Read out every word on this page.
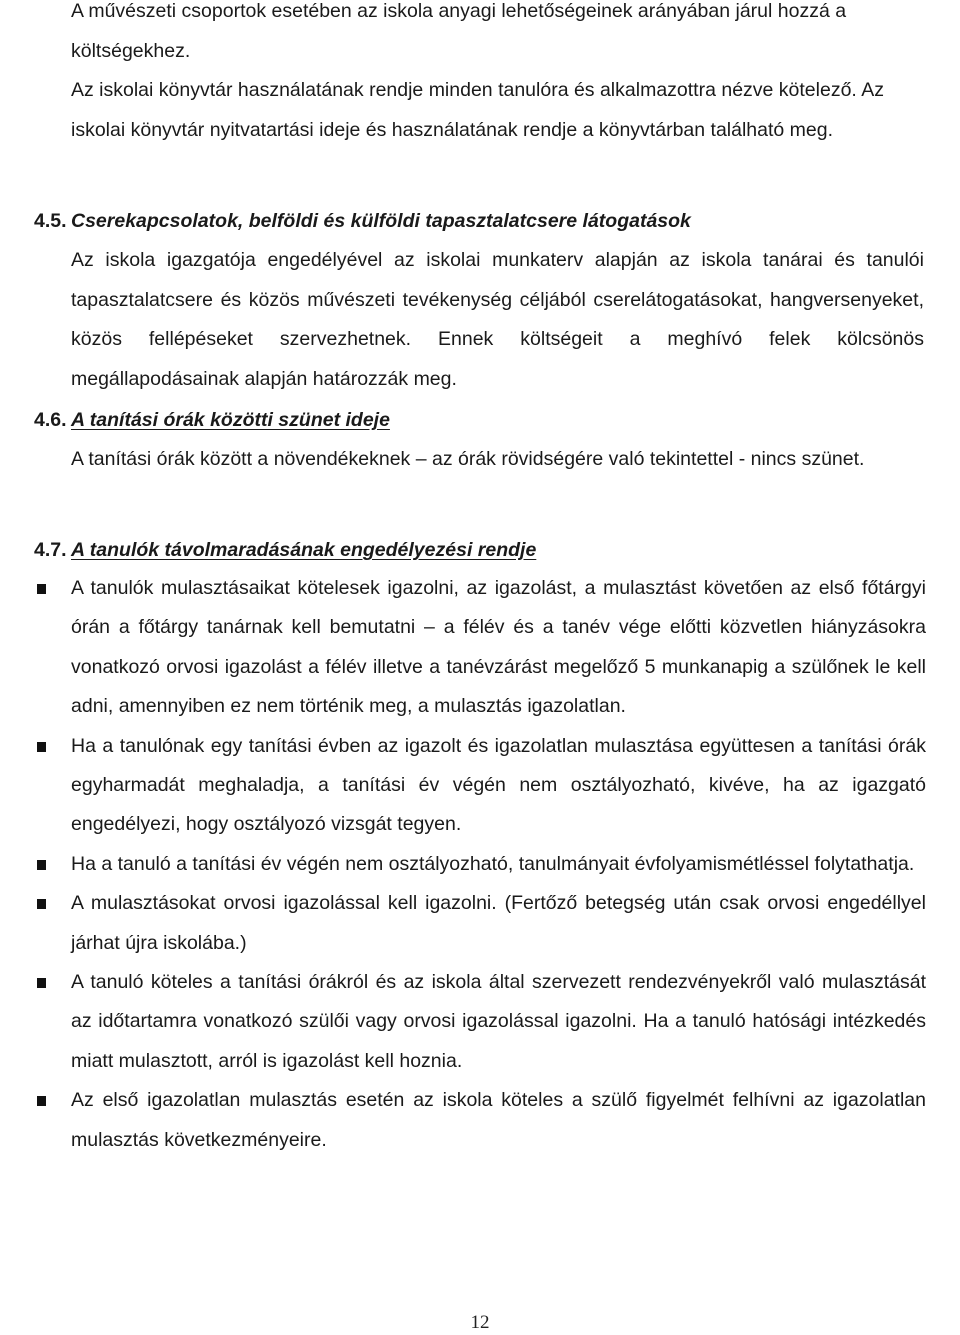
A művészeti csoportok esetében az iskola anyagi lehetőségeinek arányában járul hozzá a költségekhez.

Az iskolai könyvtár használatának rendje minden tanulóra és alkalmazottra nézve kötelező. Az iskolai könyvtár nyitvatartási ideje és használatának rendje a könyvtárban található meg.

4.5. Cserekapcsolatok, belföldi és külföldi tapasztalatcsere látogatások

Az iskola igazgatója engedélyével az iskolai munkaterv alapján az iskola tanárai és tanulói tapasztalatcsere és közös művészeti tevékenység céljából cserelátogatásokat, hangversenyeket, közös fellépéseket szervezhetnek. Ennek költségeit a meghívó felek kölcsönös megállapodásainak alapján határozzák meg.

4.6. A tanítási órák közötti szünet ideje

A tanítási órák között a növendékeknek – az órák rövidségére való tekintettel - nincs szünet.

4.7. A tanulók távolmaradásának engedélyezési rendje
A tanulók mulasztásaikat kötelesek igazolni, az igazolást, a mulasztást követően az első főtárgyi órán a főtárgy tanárnak kell bemutatni – a félév és a tanév vége előtti közvetlen hiányzásokra vonatkozó orvosi igazolást a félév illetve a tanévzárást megelőző 5 munkanapig a szülőnek le kell adni, amennyiben ez nem történik meg, a mulasztás igazolatlan.
Ha a tanulónak egy tanítási évben az igazolt és igazolatlan mulasztása együttesen a tanítási órák egyharmadát meghaladja, a tanítási év végén nem osztályozható, kivéve, ha az igazgató engedélyezi, hogy osztályozó vizsgát tegyen.
Ha a tanuló a tanítási év végén nem osztályozható, tanulmányait évfolyamismétléssel folytathatja.
A mulasztásokat orvosi igazolással kell igazolni. (Fertőző betegség után csak orvosi engedéllyel járhat újra iskolába.)
A tanuló köteles a tanítási órákról és az iskola által szervezett rendezvényekről való mulasztását az időtartamra vonatkozó szülői vagy orvosi igazolással igazolni. Ha a tanuló hatósági intézkedés miatt mulasztott, arról is igazolást kell hoznia.
Az első igazolatlan mulasztás esetén az iskola köteles a szülő figyelmét felhívni az igazolatlan mulasztás következményeire.
12
